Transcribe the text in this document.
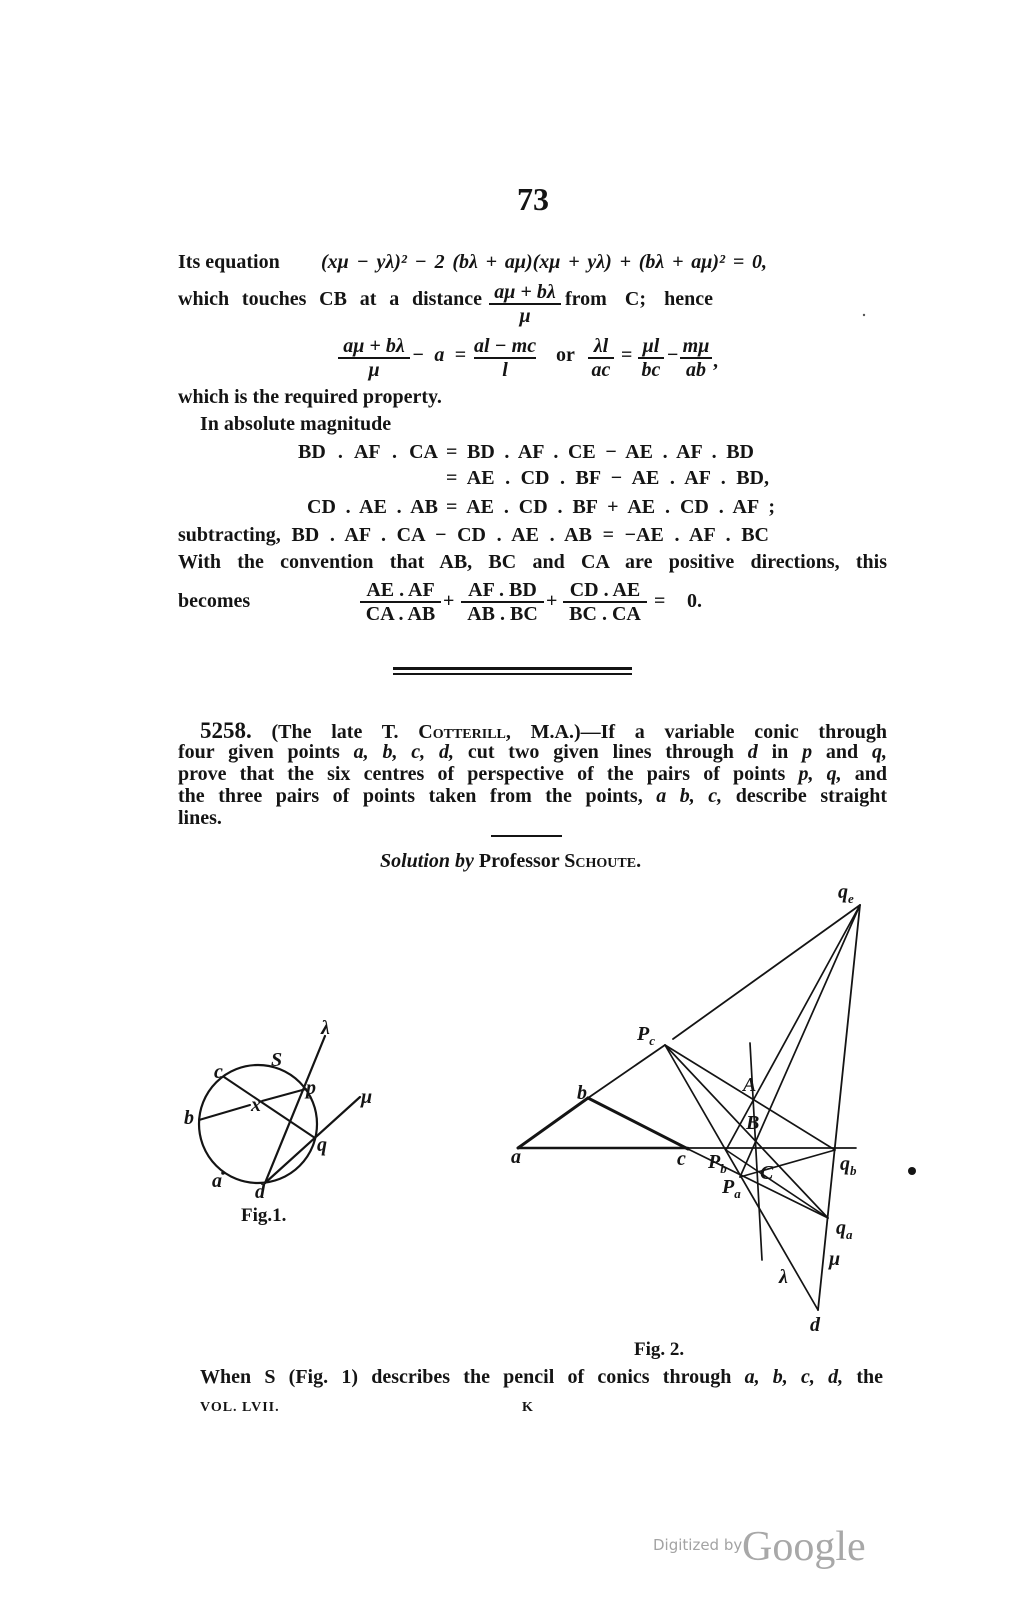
73
Its equation (xμ − yλ)² − 2 (bλ + aμ)(xμ + yλ) + (bλ + aμ)² = 0,
which touches CB at a distance $\frac{a\mu + b\lambda}{\mu}$ from C; hence
$\frac{a\mu + b\lambda}{\mu} - a = \frac{al - mc}{l}$ or $\frac{\lambda l}{ac} = \frac{\mu l}{bc} - \frac{m\mu}{ab}$ ,
which is the required property.
In absolute magnitude
BD . AF . CA = BD . AF . CE − AE . AF . BD
= AE . CD . BF − AE . AF . BD,
CD . AE . AB = AE . CD . BF + AE . CD . AF ;
subtracting, BD . AF . CA − CD . AE . AB = −AE . AF . BC
With the convention that AB, BC and CA are positive directions, this
becomes	$\frac{AE . AF}{CA . AB} + \frac{AF . BD}{AB . BC} + \frac{CD . AE}{BC . CA} = 0$.
5258. (The late T. Cotterill, M.A.)—If a variable conic through
four given points a, b, c, d, cut two given lines through d in p and q,
prove that the six centres of perspective of the pairs of points p, q, and
the three pairs of points taken from the points, a b, c, describe straight
lines.
Solution by Professor Schoute.
λ
S
c
p μ
b
x
q
a d
Fig.1.
$q_e$
$P_c$
b	A
B
a	c $P_b$ C	$q_b$
$P_a$
$q_a$
μ
λ
d
Fig. 2.
When S (Fig. 1) describes the pencil of conics through a, b, c, d, the
VOL. LVII.	K
Digitized by Google
